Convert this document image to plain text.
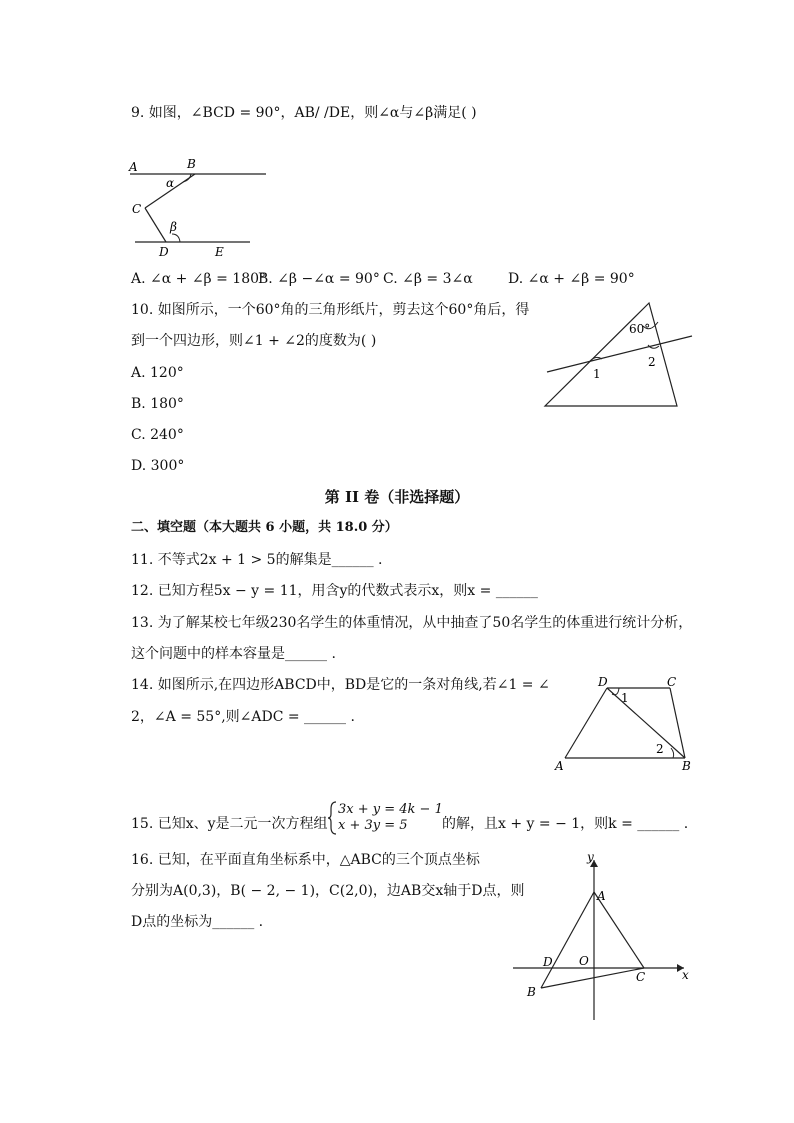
9. 如图，∠BCD = 90°，AB/ /DE，则∠α与∠β满足( )
A	B
C
D	E
α
β
A. ∠α + ∠β = 180°
B. ∠β −∠α = 90° C. ∠β = 3∠α	D. ∠α + ∠β = 90°
10. 如图所示，一个60°角的三角形纸片，剪去这个60°角后，得
到一个四边形，则∠1 + ∠2的度数为( )
A. 120°
B. 180°
C. 240°
D. 300°
60°
1
2
第 II 卷（非选择题）
二、填空题（本大题共 6 小题，共 18.0 分）
11. 不等式2x + 1 > 5的解集是______ .
12. 已知方程5x − y = 11，用含y的代数式表示x，则x = ______
13. 为了解某校七年级230名学生的体重情况，从中抽查了50名学生的体重进行统计分析，
这个问题中的样本容量是______ .
14. 如图所示,在四边形ABCD中，BD是它的一条对角线,若∠1 = ∠
2，∠A = 55°,则∠ADC = ______ .
D	C
A	B
1
2
15. 已知x、y是二元一次方程组
3x + y = 4k − 1
x + 3y = 5 的解，且x + y = − 1，则k = ______ .
16. 已知，在平面直角坐标系中，△ABC的三个顶点坐标
分别为A(0,3)，B( − 2, − 1)，C(2,0)，边AB交x轴于D点，则
D点的坐标为______ .
y
x
A
D O
C
B
